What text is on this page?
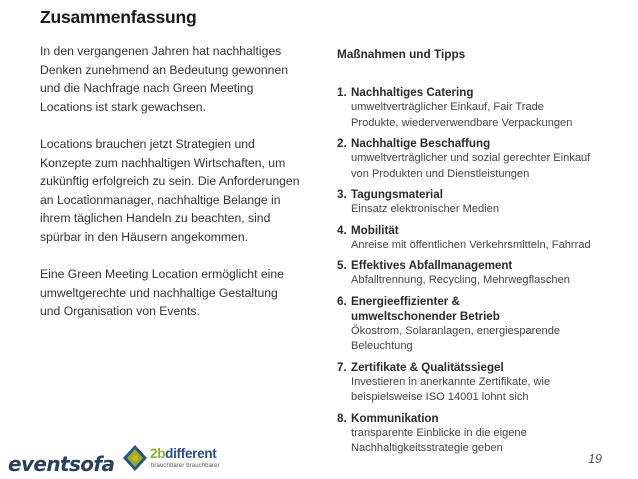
Zusammenfassung

In den vergangenen Jahren hat nachhaltiges
Denken zunehmend an Bedeutung gewonnen
und die Nachfrage nach Green Meeting
Locations ist stark gewachsen.

Locations brauchen jetzt Strategien und
Konzepte zum nachhaltigen Wirtschaften, um
zukünftig erfolgreich zu sein. Die Anforderungen
an Locationmanager, nachhaltige Belange in
ihrem täglichen Handeln zu beachten, sind
spürbar in den Häusern angekommen.

Eine Green Meeting Location ermöglicht eine
umweltgerechte und nachhaltige Gestaltung
und Organisation von Events.

Maßnahmen und Tipps
1. Nachhaltiges Catering
umweltverträglicher Einkauf, Fair Trade
Produkte, wiederverwendbare Verpackungen
2. Nachhaltige Beschaffung
umweltverträglicher und sozial gerechter Einkauf
von Produkten und Dienstleistungen
3. Tagungsmaterial
Einsatz elektronischer Medien
4. Mobilität
Anreise mit öffentlichen Verkehrsmitteln, Fahrrad
5. Effektives Abfallmanagement
Abfalltrennung, Recycling, Mehrwegflaschen
6. Energieeffizienter &
umweltschonender Betrieb
Ökostrom, Solaranlagen, energiesparende
Beleuchtung
7. Zertifikate & Qualitätssiegel
Investieren in anerkannte Zertifikate, wie
beispielsweise ISO 14001 lohnt sich
8. Kommunikation
transparente Einblicke in die eigene
Nachhaltigkeitsstrategie geben
eventsofa	2bdifferent
brauchbarer brauchbarer	19
